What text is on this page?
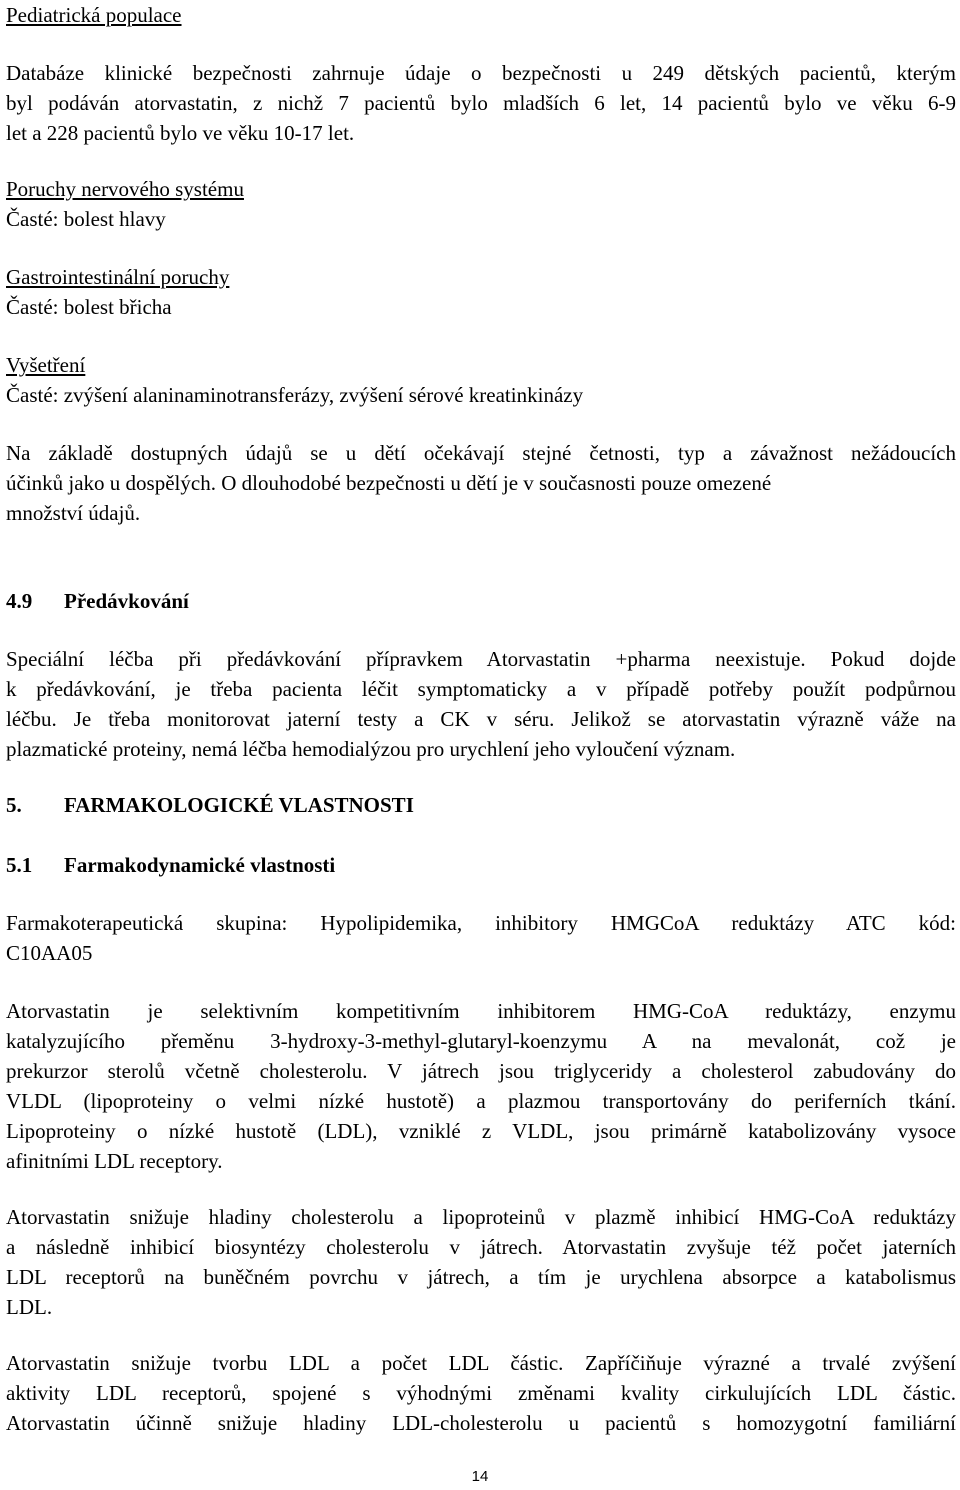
Pediatrická populace
Databáze klinické bezpečnosti zahrnuje údaje o bezpečnosti u 249 dětských pacientů, kterým
byl podáván atorvastatin, z nichž 7 pacientů bylo mladších 6 let, 14 pacientů bylo ve věku 6-9
let a 228 pacientů bylo ve věku 10-17 let.
Poruchy nervového systému
Časté: bolest hlavy
Gastrointestinální poruchy
Časté: bolest břicha
Vyšetření
Časté: zvýšení alaninaminotransferázy, zvýšení sérové kreatinkinázy
Na základě dostupných údajů se u dětí očekávají stejné četnosti, typ a závažnost nežádoucích
účinků jako u dospělých. O dlouhodobé bezpečnosti u dětí je v současnosti pouze omezené
množství údajů.
4.9	Předávkování
Speciální léčba při předávkování přípravkem Atorvastatin +pharma neexistuje. Pokud dojde
k předávkování, je třeba pacienta léčit symptomaticky a v případě potřeby použít podpůrnou
léčbu. Je třeba monitorovat jaterní testy a CK v séru. Jelikož se atorvastatin výrazně váže na
plazmatické proteiny, nemá léčba hemodialýzou pro urychlení jeho vyloučení význam.
5.	FARMAKOLOGICKÉ VLASTNOSTI
5.1	Farmakodynamické vlastnosti
Farmakoterapeutická skupina: Hypolipidemika, inhibitory HMGCoA reduktázy ATC kód:
C10AA05
Atorvastatin je selektivním kompetitivním inhibitorem HMG-CoA reduktázy, enzymu
katalyzujícího přeměnu 3-hydroxy-3-methyl-glutaryl-koenzymu A na mevalonát, což je
prekurzor sterolů včetně cholesterolu. V játrech jsou triglyceridy a cholesterol zabudovány do
VLDL (lipoproteiny o velmi nízké hustotě) a plazmou transportovány do periferních tkání.
Lipoproteiny o nízké hustotě (LDL), vzniklé z VLDL, jsou primárně katabolizovány vysoce
afinitními LDL receptory.
Atorvastatin snižuje hladiny cholesterolu a lipoproteinů v plazmě inhibicí HMG-CoA reduktázy
a následně inhibicí biosyntézy cholesterolu v játrech. Atorvastatin zvyšuje též počet jaterních
LDL receptorů na buněčném povrchu v játrech, a tím je urychlena absorpce a katabolismus
LDL.
Atorvastatin snižuje tvorbu LDL a počet LDL částic. Zapříčiňuje výrazné a trvalé zvýšení
aktivity LDL receptorů, spojené s výhodnými změnami kvality cirkulujících LDL částic.
Atorvastatin účinně snižuje hladiny LDL-cholesterolu u pacientů s homozygotní familiární
14
